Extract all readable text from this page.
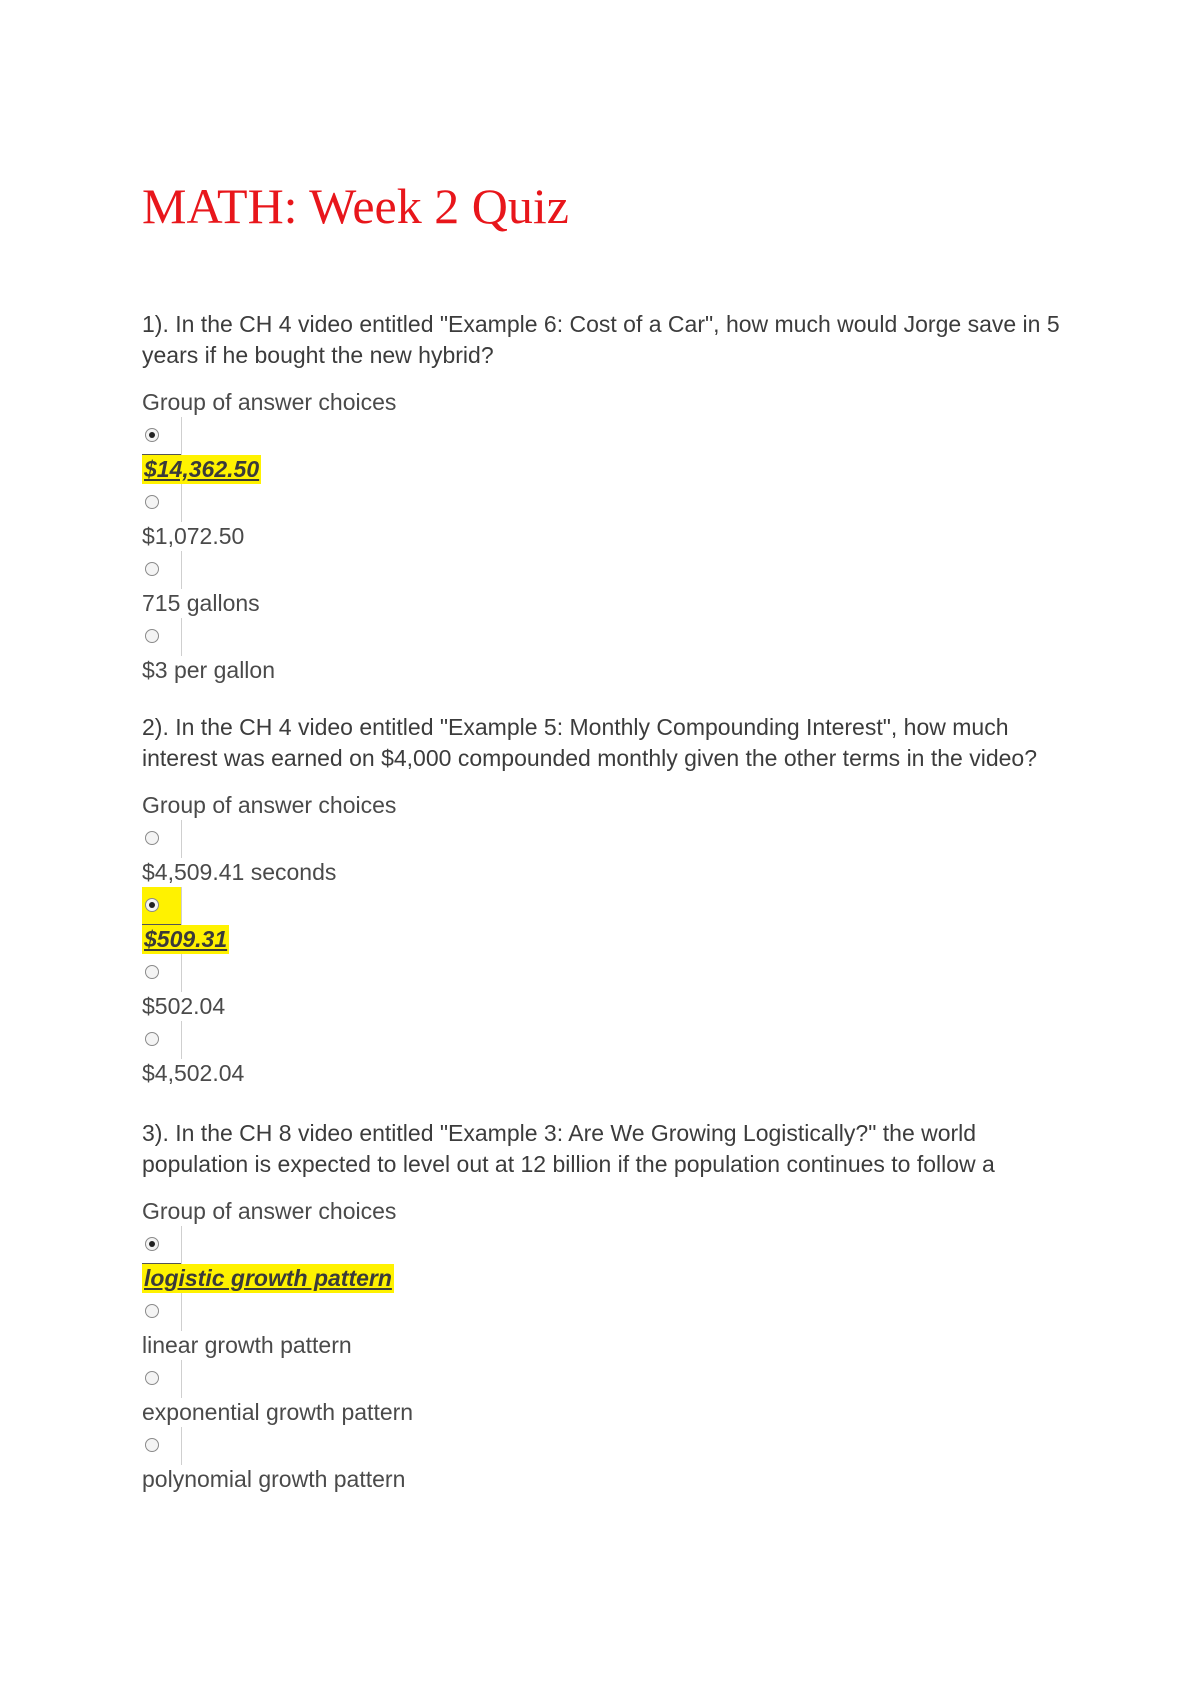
MATH: Week 2 Quiz

1). In the CH 4 video entitled "Example 6: Cost of a Car", how much would Jorge save in 5 years if he bought the new hybrid?

Group of answer choices

$14,362.50
$1,072.50
715 gallons
$3 per gallon

2). In the CH 4 video entitled "Example 5: Monthly Compounding Interest", how much interest was earned on $4,000 compounded monthly given the other terms in the video?

Group of answer choices

$4,509.41 seconds
$509.31
$502.04
$4,502.04

3). In the CH 8 video entitled "Example 3: Are We Growing Logistically?" the world population is expected to level out at 12 billion if the population continues to follow a

Group of answer choices

logistic growth pattern
linear growth pattern
exponential growth pattern
polynomial growth pattern
